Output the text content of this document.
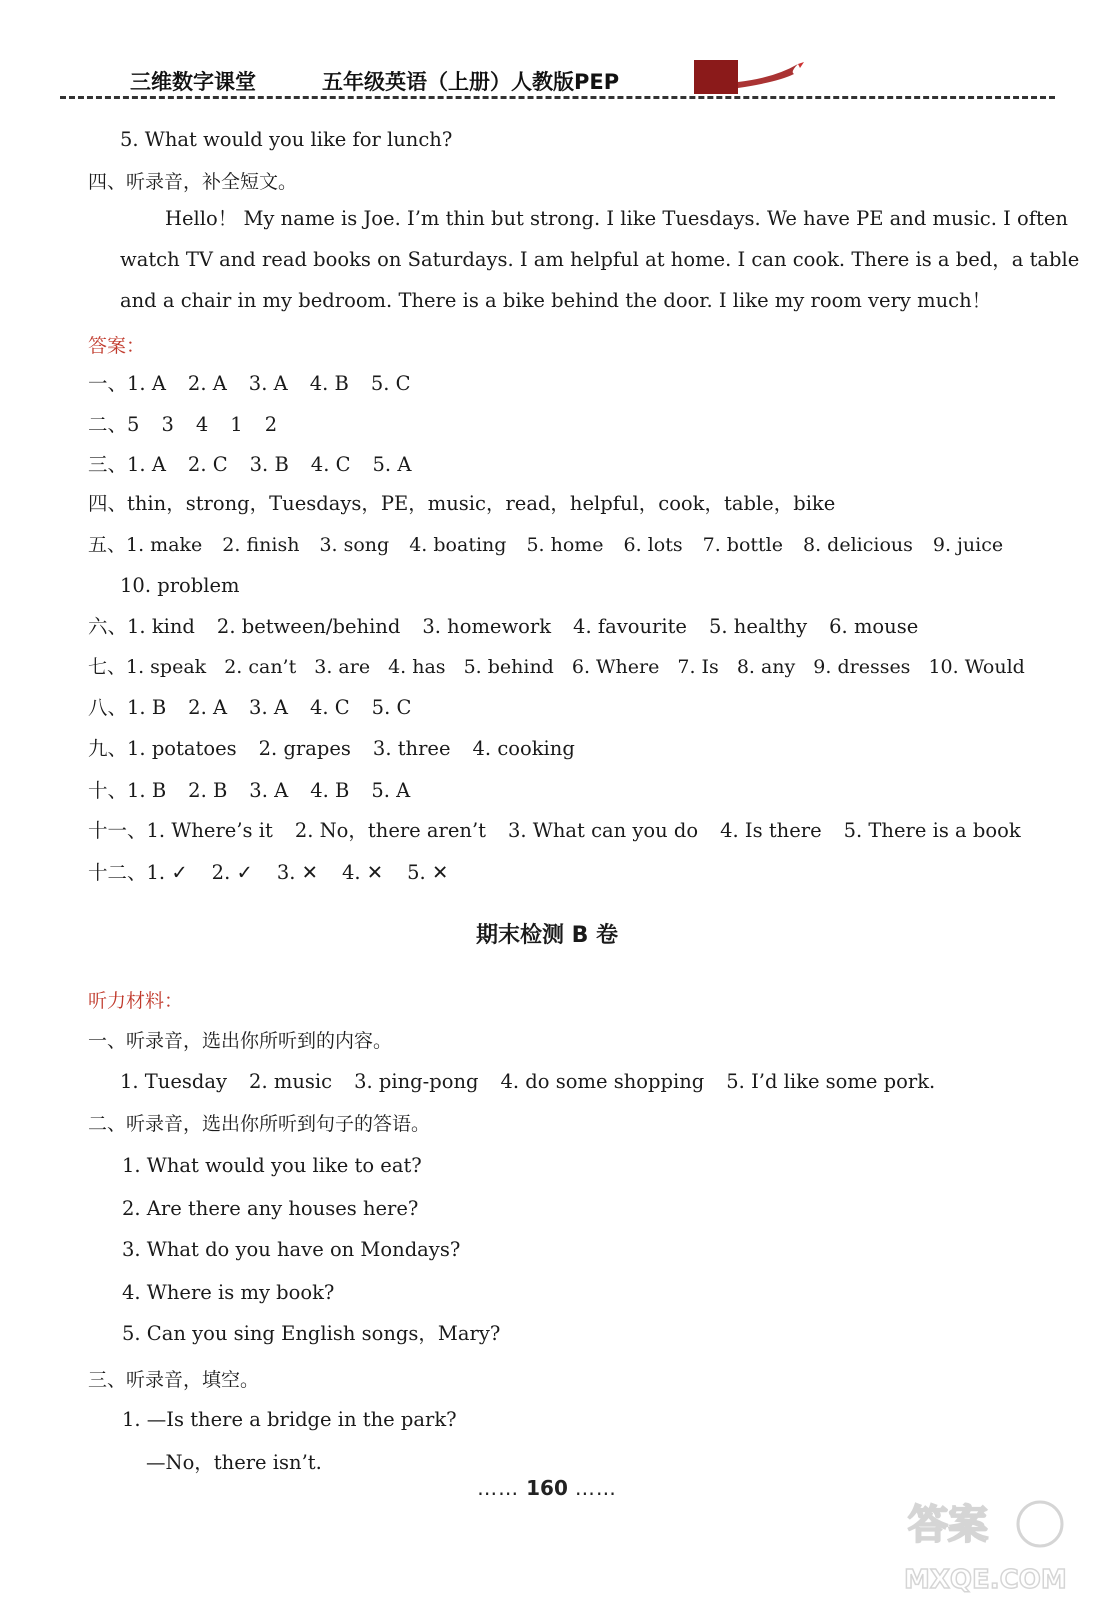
三维数字课堂	五年级英语（上册）人教版PEP
5. What would you like for lunch?
四、听录音，补全短文。
Hello！ My name is Joe. I’m thin but strong. I like Tuesdays. We have PE and music. I often
watch TV and read books on Saturdays. I am helpful at home. I can cook. There is a bed，a table
and a chair in my bedroom. There is a bike behind the door. I like my room very much！
答案：
一、1. A 2. A 3. A 4. B 5. C
二、5 3 4 1 2
三、1. A 2. C 3. B 4. C 5. A
四、thin，strong，Tuesdays，PE，music，read，helpful，cook，table，bike
五、1. make 2. finish 3. song 4. boating 5. home 6. lots 7. bottle 8. delicious 9. juice
10. problem
六、1. kind 2. between/behind 3. homework 4. favourite 5. healthy 6. mouse
七、1. speak 2. can’t 3. are 4. has 5. behind 6. Where 7. Is 8. any 9. dresses 10. Would
八、1. B 2. A 3. A 4. C 5. C
九、1. potatoes 2. grapes 3. three 4. cooking
十、1. B 2. B 3. A 4. B 5. A
十一、1. Where’s it 2. No，there aren’t 3. What can you do 4. Is there 5. There is a book
十二、1. ✓ 2. ✓ 3. ✕ 4. ✕ 5. ✕
期末检测 B 卷
听力材料：
一、听录音，选出你所听到的内容。
1. Tuesday 2. music 3. ping-pong 4. do some shopping 5. I’d like some pork.
二、听录音，选出你所听到句子的答语。
1. What would you like to eat?
2. Are there any houses here?
3. What do you have on Mondays?
4. Where is my book?
5. Can you sing English songs，Mary?
三、听录音，填空。
1. —Is there a bridge in the park?
—No，there isn’t.
…… 160 ……
答案
MXQE.COM
